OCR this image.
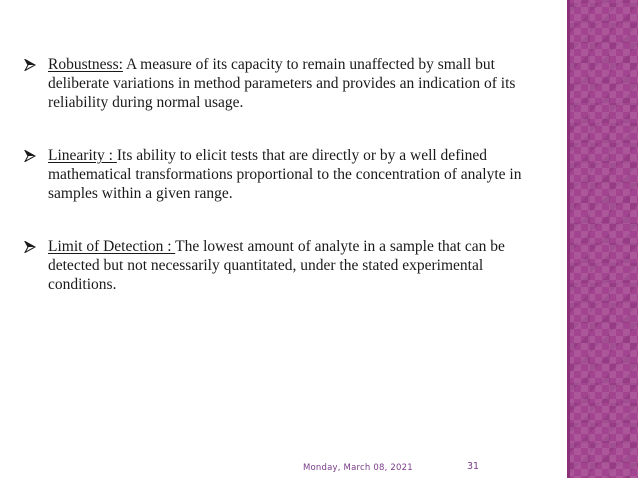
Robustness: A measure of its capacity to remain unaffected by small but deliberate variations in method parameters and provides an indication of its reliability during normal usage.
Linearity : Its ability to elicit tests that are directly or by a well defined mathematical transformations proportional to the concentration of analyte in samples within a given range.
Limit of Detection : The lowest amount of analyte in a sample that can be detected but not necessarily quantitated, under the stated experimental conditions.
Monday, March 08, 2021	31
